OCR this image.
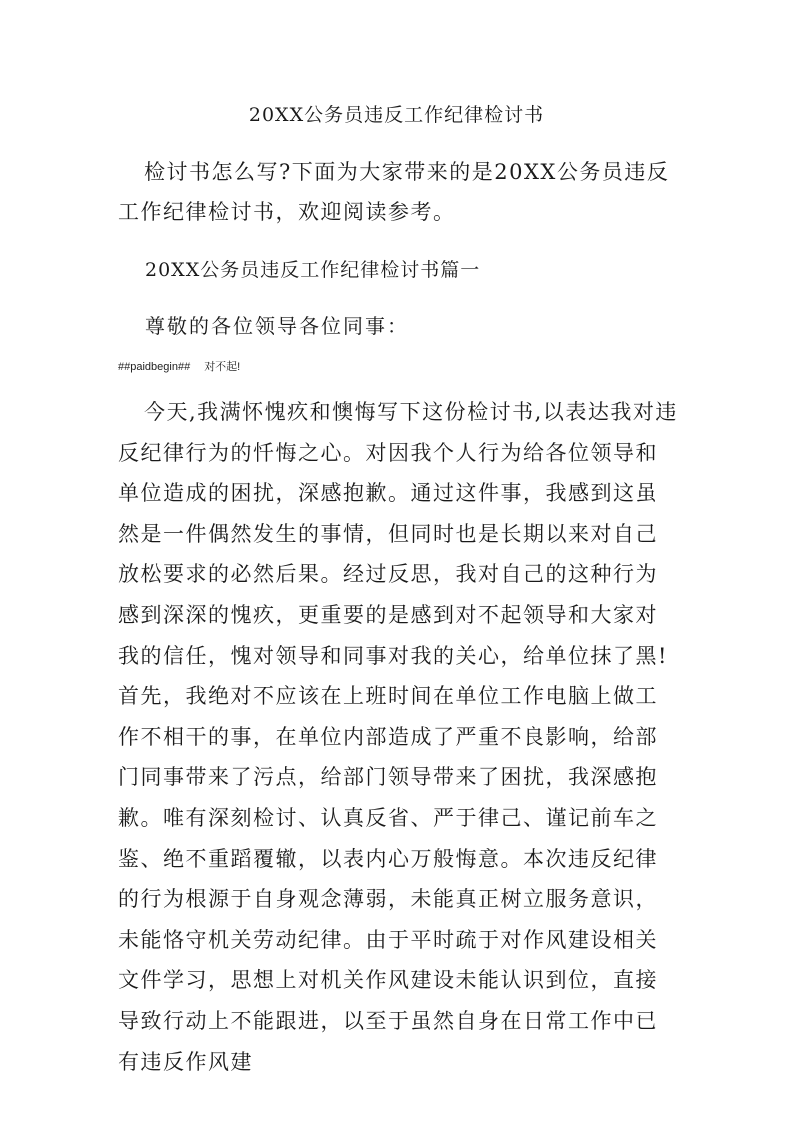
20XX公务员违反工作纪律检讨书
检讨书怎么写?下面为大家带来的是20XX公务员违反工作纪律检讨书，欢迎阅读参考。
20XX公务员违反工作纪律检讨书篇一
尊敬的各位领导各位同事：
##paidbegin## 对不起!
今天,我满怀愧疚和懊悔写下这份检讨书,以表达我对违反纪律行为的忏悔之心。对因我个人行为给各位领导和单位造成的困扰，深感抱歉。通过这件事，我感到这虽然是一件偶然发生的事情，但同时也是长期以来对自己放松要求的必然后果。经过反思，我对自己的这种行为感到深深的愧疚，更重要的是感到对不起领导和大家对我的信任，愧对领导和同事对我的关心，给单位抹了黑! 首先，我绝对不应该在上班时间在单位工作电脑上做工作不相干的事，在单位内部造成了严重不良影响，给部门同事带来了污点，给部门领导带来了困扰，我深感抱歉。唯有深刻检讨、认真反省、严于律己、谨记前车之鉴、绝不重蹈覆辙，以表内心万般悔意。本次违反纪律的行为根源于自身观念薄弱，未能真正树立服务意识，未能恪守机关劳动纪律。由于平时疏于对作风建设相关文件学习，思想上对机关作风建设未能认识到位，直接导致行动上不能跟进，以至于虽然自身在日常工作中已有违反作风建
